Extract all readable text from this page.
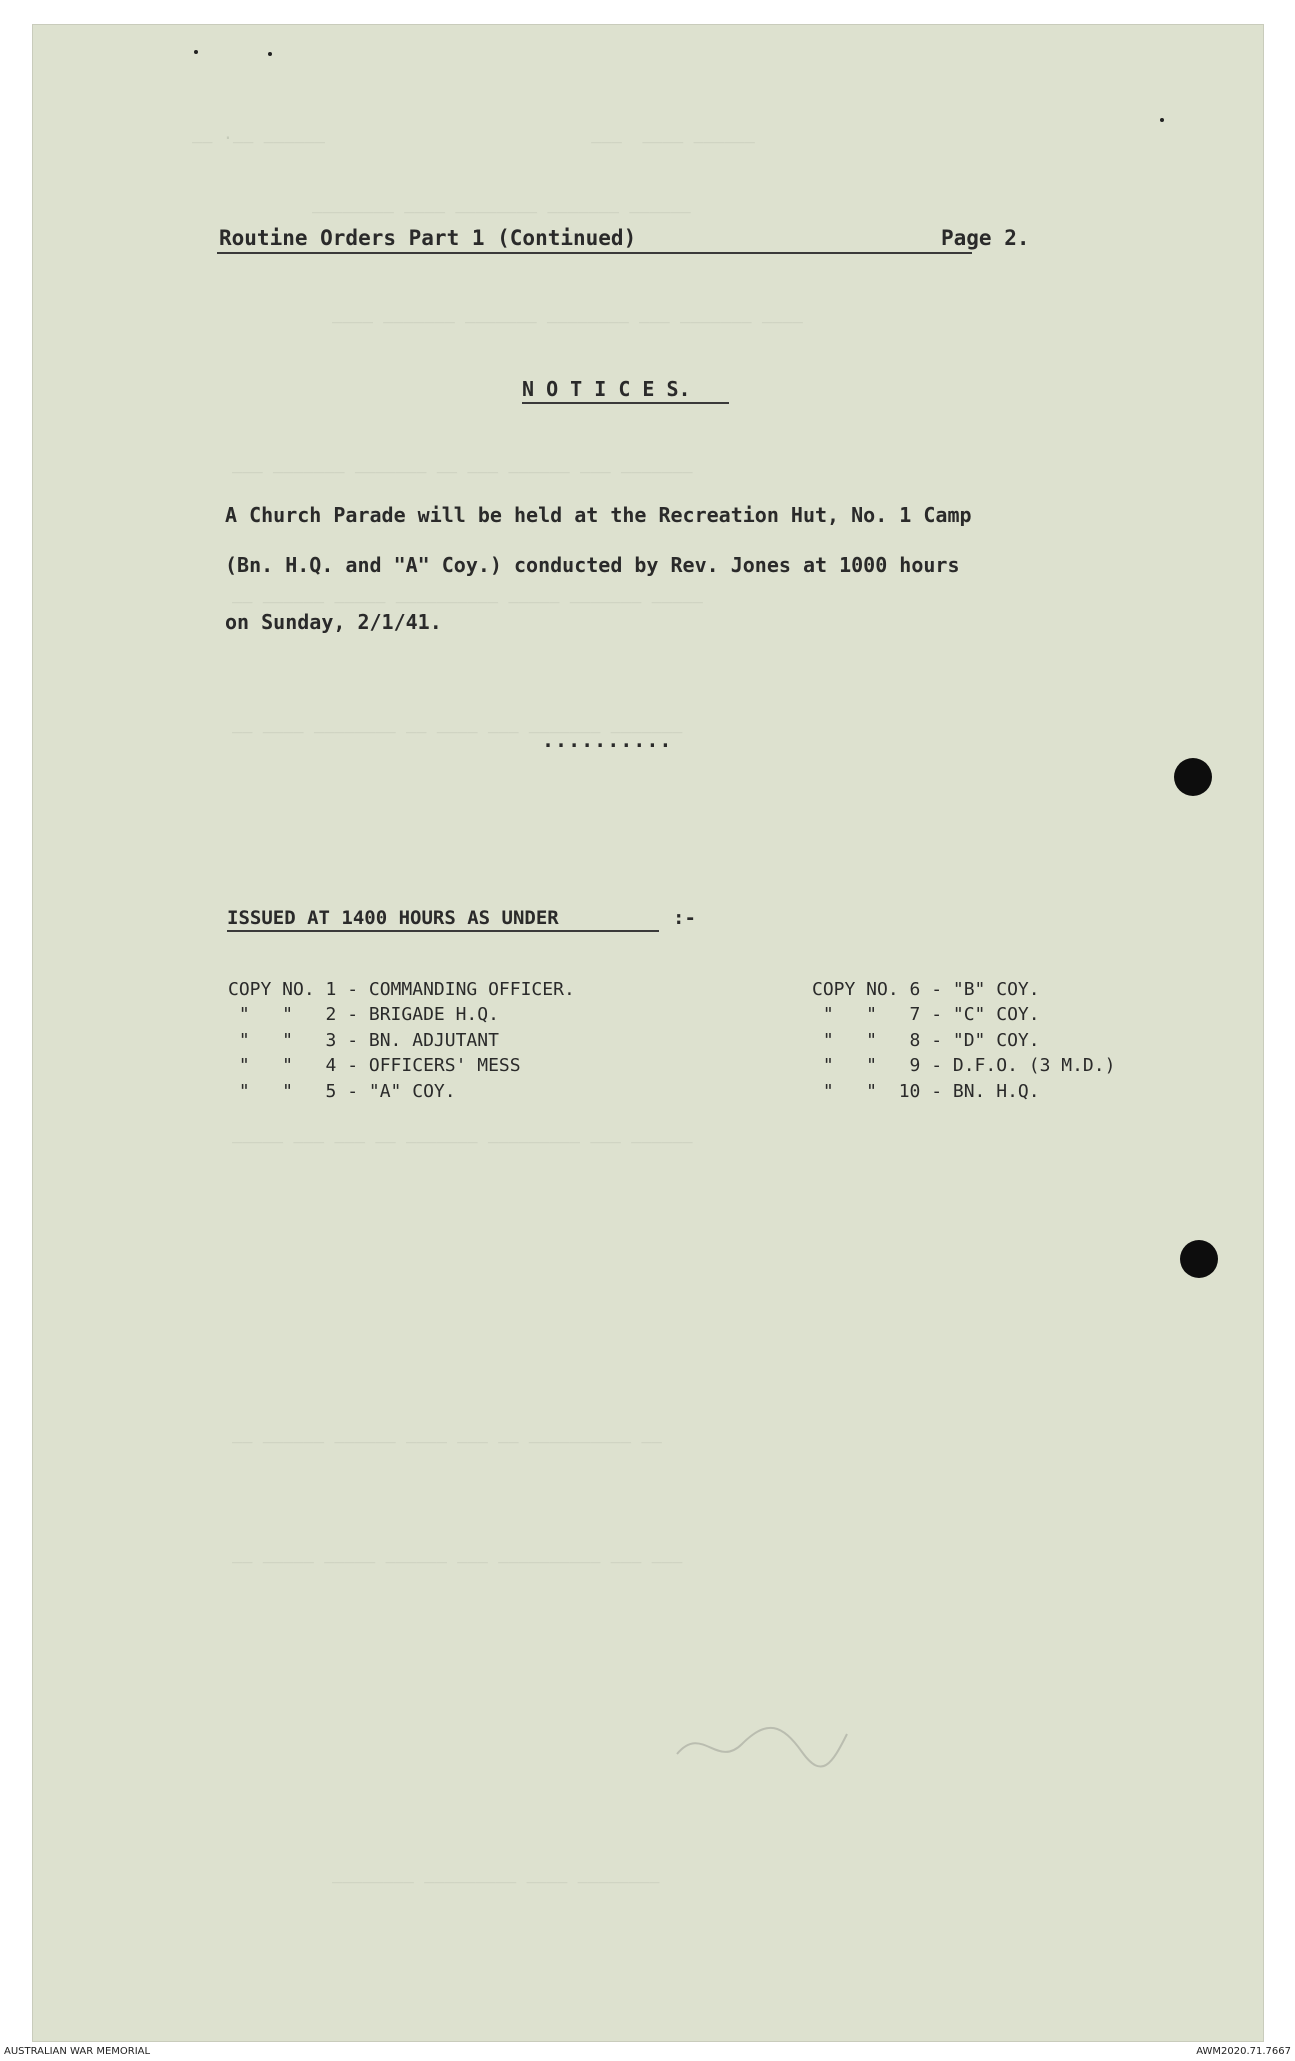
______ ____  ___                          ______ __. __
______ _______ ________ ____ ________
____ _______ ___ ________ _______ _______ ____
_______ ___ ______ ___ __ _______ _______ ___
_____ _______ _____ __________ _____ ______ __
_______ _______ ___ ____ __ ________ ____ __
______ ___ _________ _______ __ ___ ___ _____
__ __________ __ ___ ____ ______ ______ __
___ ___ __________ ___ ______ _____ _____ __
________ ____ _________ ________
Routine Orders Part 1 (Continued)	Page 2.
N O T I C E S.
A Church Parade will be held at the Recreation Hut, No. 1 Camp
(Bn. H.Q. and "A" Coy.) conducted by Rev. Jones at 1000 hours
on Sunday, 2/1/41.
..........
ISSUED AT 1400 HOURS AS UNDER	:-
COPY NO. 1 - COMMANDING OFFICER.
"   "   2 - BRIGADE H.Q.
"   "   3 - BN. ADJUTANT
"   "   4 - OFFICERS' MESS
"   "   5 - "A" COY.
COPY NO. 6 - "B" COY.
"   "   7 - "C" COY.
"   "   8 - "D" COY.
"   "   9 - D.F.O. (3 M.D.)
"   "  10 - BN. H.Q.
AUSTRALIAN WAR MEMORIAL	AWM2020.71.7667
